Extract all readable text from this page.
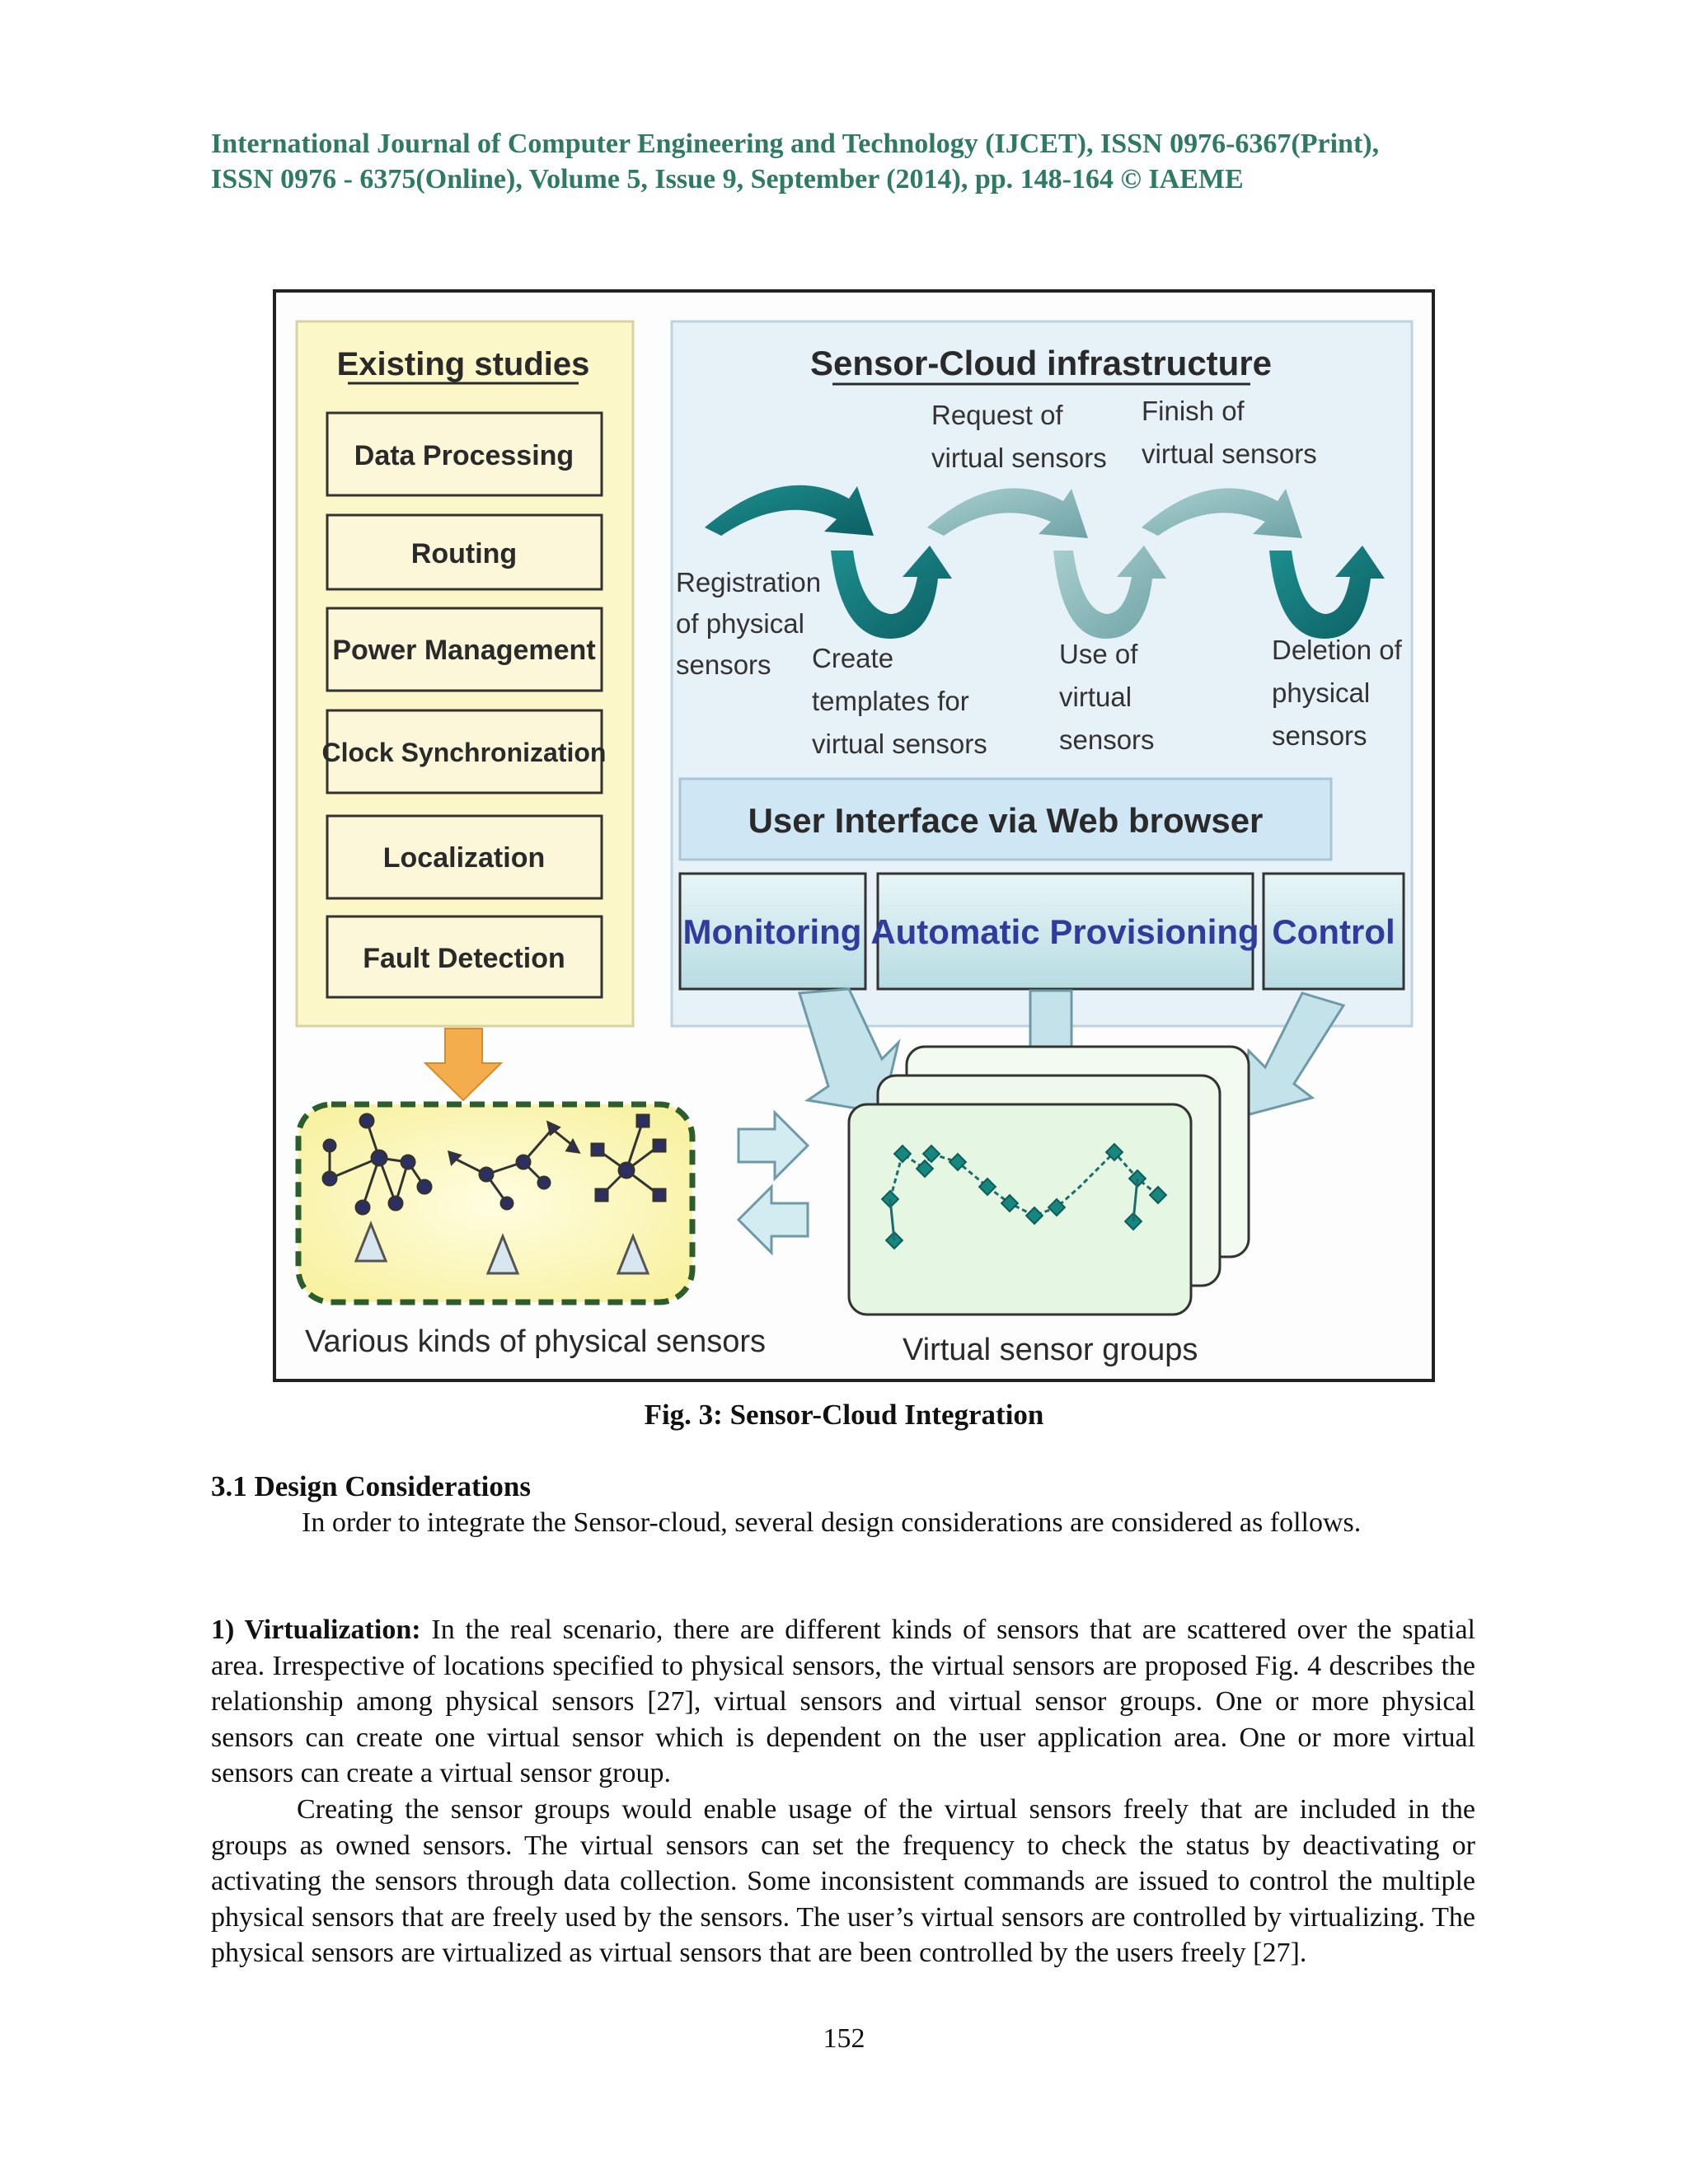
International Journal of Computer Engineering and Technology (IJCET), ISSN 0976-6367(Print),
ISSN 0976 - 6375(Online), Volume 5, Issue 9, September (2014), pp. 148-164 © IAEME
Existing studies
Data Processing
Routing
Power Management
Clock Synchronization
Localization
Fault Detection
Sensor-Cloud infrastructure
Request of
virtual sensors
Finish of
virtual sensors
Registration
of physical
sensors Create
templates for
virtual sensors
Use of
virtual
sensors
Deletion of
physical
sensors
User Interface via Web browser
Monitoring Automatic Provisioning Control
Various kinds of physical sensors	Virtual sensor groups
Fig. 3: Sensor-Cloud Integration
3.1 Design Considerations

In order to integrate the Sensor-cloud, several design considerations are considered as follows.

1) Virtualization: In the real scenario, there are different kinds of sensors that are scattered over the spatial area. Irrespective of locations specified to physical sensors, the virtual sensors are proposed Fig. 4 describes the relationship among physical sensors [27], virtual sensors and virtual sensor groups. One or more physical sensors can create one virtual sensor which is dependent on the user application area. One or more virtual sensors can create a virtual sensor group.

Creating the sensor groups would enable usage of the virtual sensors freely that are included in the groups as owned sensors. The virtual sensors can set the frequency to check the status by deactivating or activating the sensors through data collection. Some inconsistent commands are issued to control the multiple physical sensors that are freely used by the sensors. The user’s virtual sensors are controlled by virtualizing. The physical sensors are virtualized as virtual sensors that are been controlled by the users freely [27].

152
